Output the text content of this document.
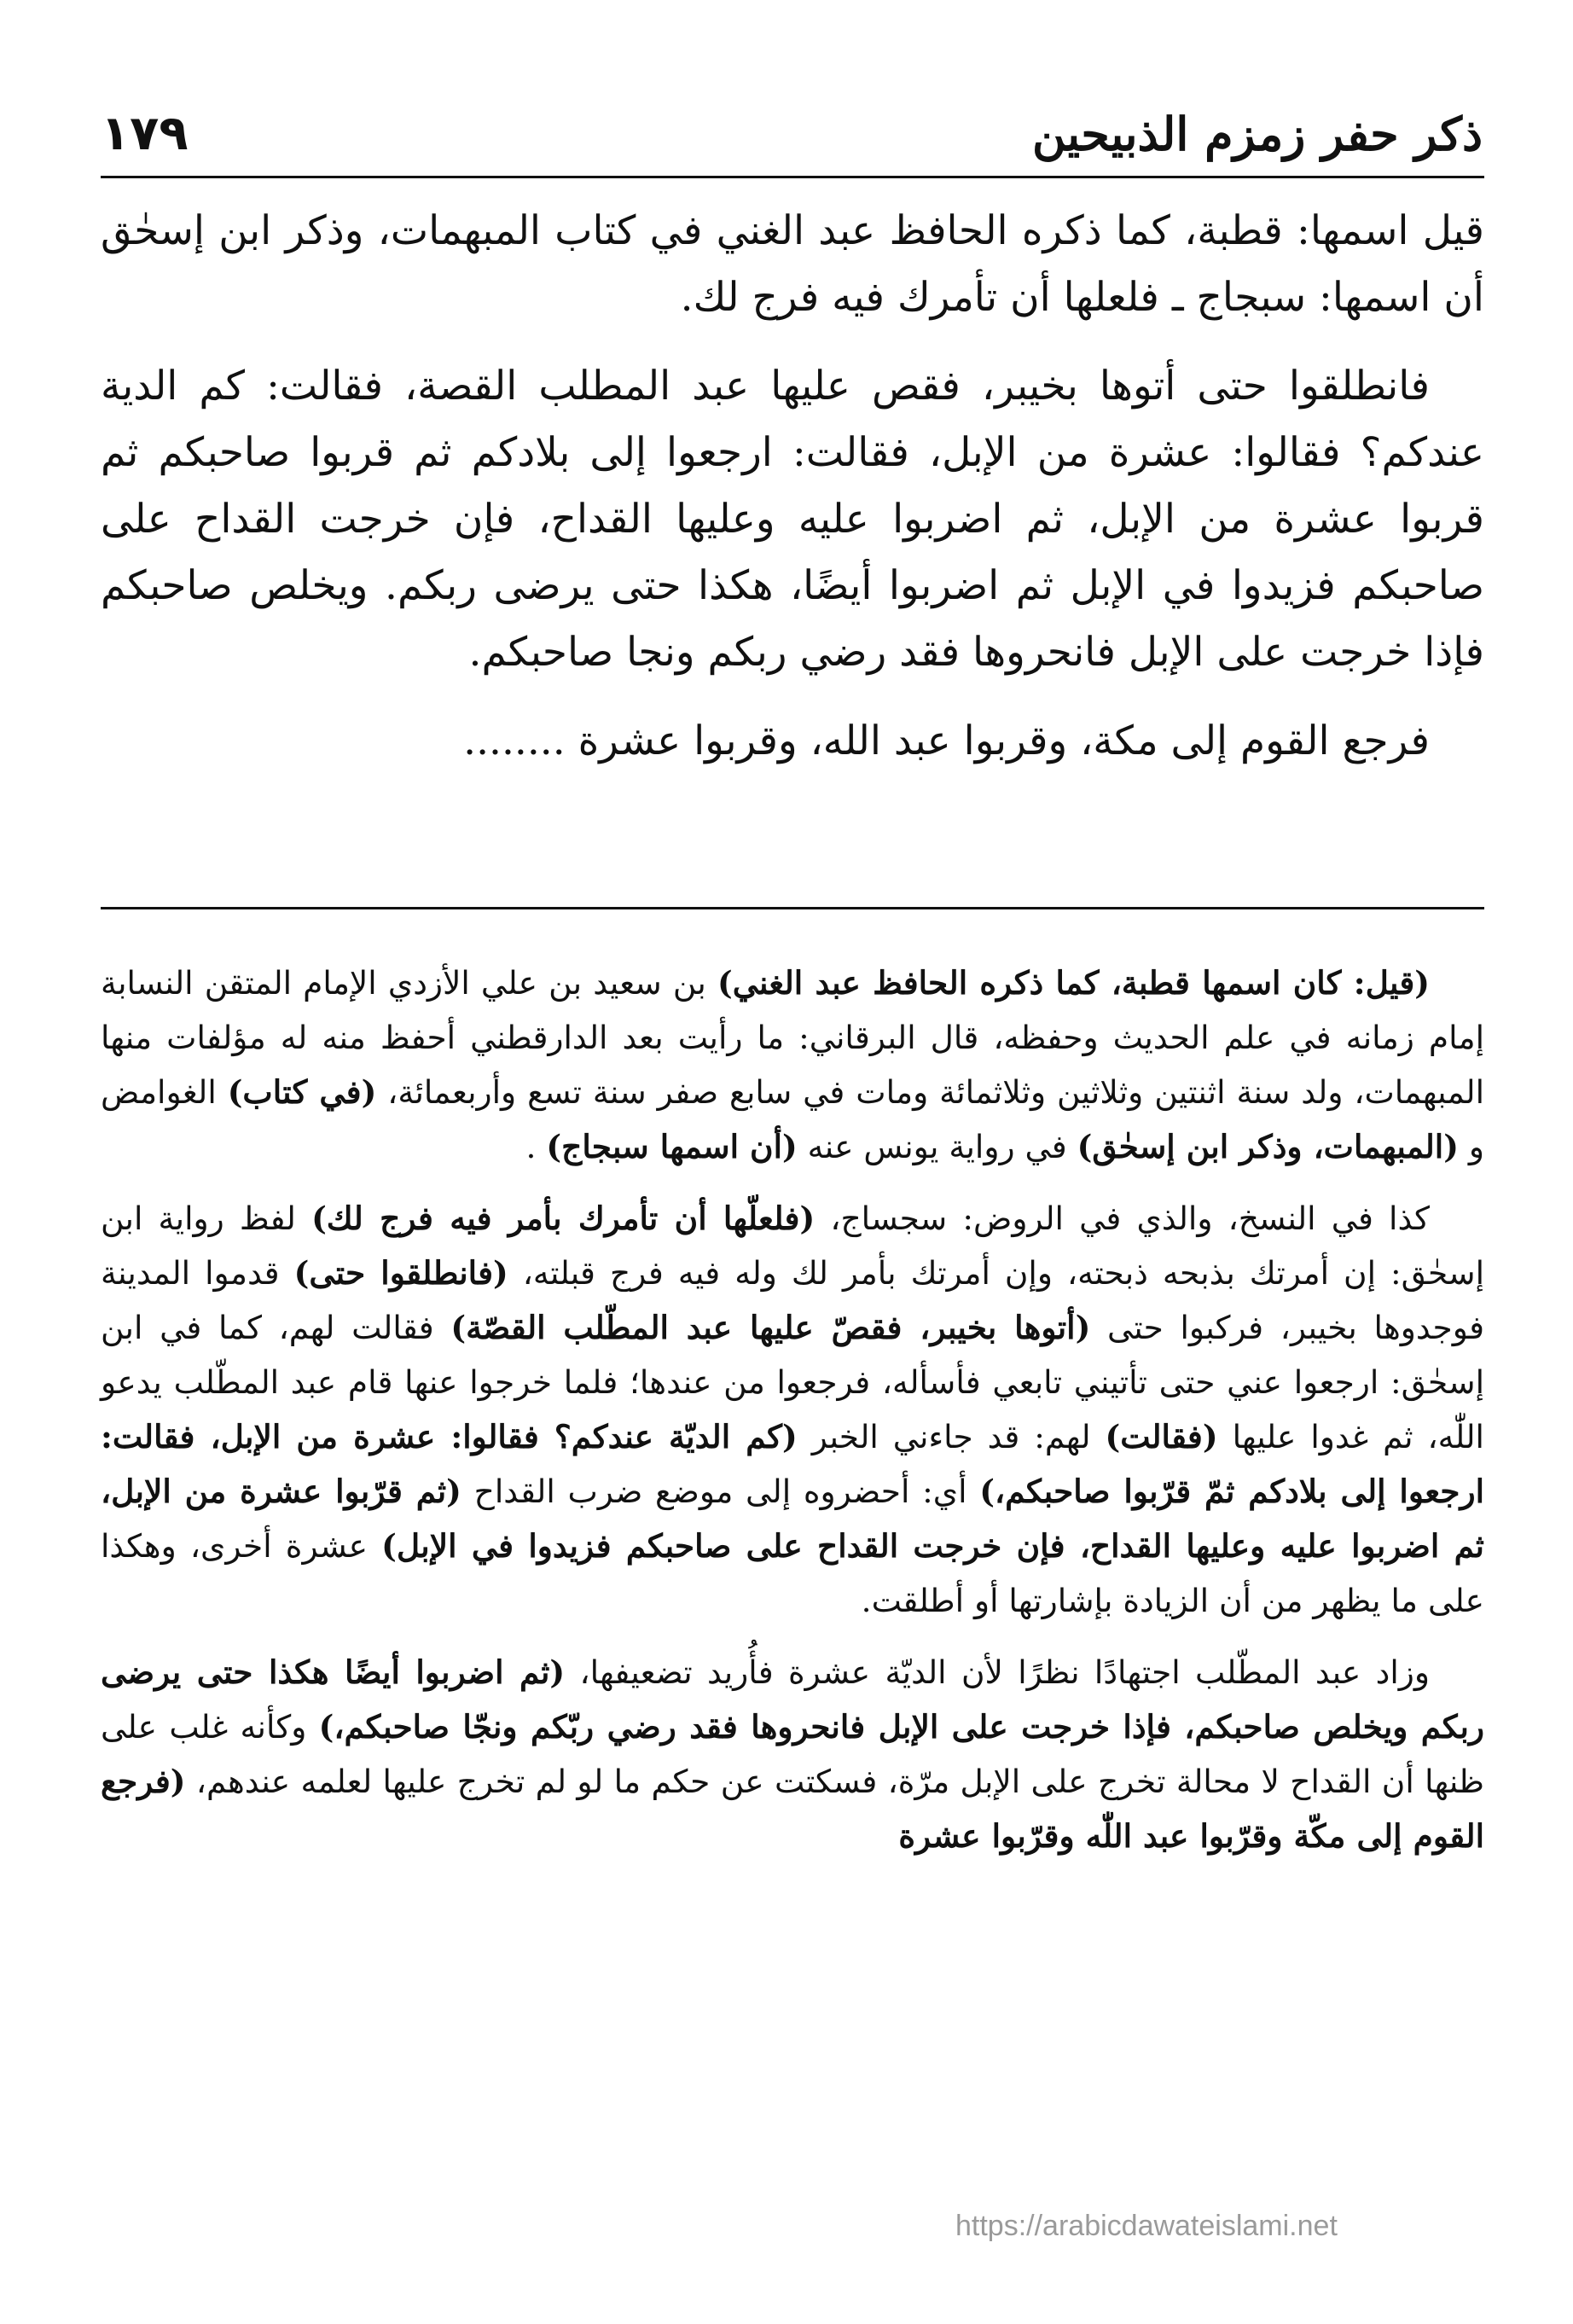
ذكر حفر زمزم الذبيحين
١٧٩

قيل اسمها: قطبة، كما ذكره الحافظ عبد الغني في كتاب المبهمات، وذكر ابن إسحٰق أن اسمها: سبجاج ـ فلعلها أن تأمرك فيه فرج لك.

فانطلقوا حتى أتوها بخيبر، فقص عليها عبد المطلب القصة، فقالت: كم الدية عندكم؟ فقالوا: عشرة من الإبل، فقالت: ارجعوا إلى بلادكم ثم قربوا صاحبكم ثم قربوا عشرة من الإبل، ثم اضربوا عليه وعليها القداح، فإن خرجت القداح على صاحبكم فزيدوا في الإبل ثم اضربوا أيضًا، هكذا حتى يرضى ربكم. ويخلص صاحبكم فإذا خرجت على الإبل فانحروها فقد رضي ربكم ونجا صاحبكم.

فرجع القوم إلى مكة، وقربوا عبد الله، وقربوا عشرة ........

(قيل: كان اسمها قطبة، كما ذكره الحافظ عبد الغني) بن سعيد بن علي الأزدي الإمام المتقن النسابة إمام زمانه في علم الحديث وحفظه، قال البرقاني: ما رأيت بعد الدارقطني أحفظ منه له مؤلفات منها المبهمات، ولد سنة اثنتين وثلاثين وثلاثمائة ومات في سابع صفر سنة تسع وأربعمائة، (في كتاب) الغوامض و (المبهمات، وذكر ابن إسحٰق) في رواية يونس عنه (أن اسمها سبجاج) .

كذا في النسخ، والذي في الروض: سجساج، (فلعلّها أن تأمرك بأمر فيه فرج لك) لفظ رواية ابن إسحٰق: إن أمرتك بذبحه ذبحته، وإن أمرتك بأمر لك وله فيه فرج قبلته، (فانطلقوا حتى) قدموا المدينة فوجدوها بخيبر، فركبوا حتى (أتوها بخيبر، فقصّ عليها عبد المطّلب القصّة) فقالت لهم، كما في ابن إسحٰق: ارجعوا عني حتى تأتيني تابعي فأسأله، فرجعوا من عندها؛ فلما خرجوا عنها قام عبد المطّلب يدعو اللّٰه، ثم غدوا عليها (فقالت) لهم: قد جاءني الخبر (كم الديّة عندكم؟ فقالوا: عشرة من الإبل، فقالت: ارجعوا إلى بلادكم ثمّ قرّبوا صاحبكم،) أي: أحضروه إلى موضع ضرب القداح (ثم قرّبوا عشرة من الإبل، ثم اضربوا عليه وعليها القداح، فإن خرجت القداح على صاحبكم فزيدوا في الإبل) عشرة أخرى، وهكذا على ما يظهر من أن الزيادة بإشارتها أو أطلقت.

وزاد عبد المطّلب اجتهادًا نظرًا لأن الديّة عشرة فأُريد تضعيفها، (ثم اضربوا أيضًا هكذا حتى يرضى ربكم ويخلص صاحبكم، فإذا خرجت على الإبل فانحروها فقد رضي ربّكم ونجّا صاحبكم،) وكأنه غلب على ظنها أن القداح لا محالة تخرج على الإبل مرّة، فسكتت عن حكم ما لو لم تخرج عليها لعلمه عندهم، (فرجع القوم إلى مكّة وقرّبوا عبد اللّٰه وقرّبوا عشرة

https://arabicdawateislami.net
